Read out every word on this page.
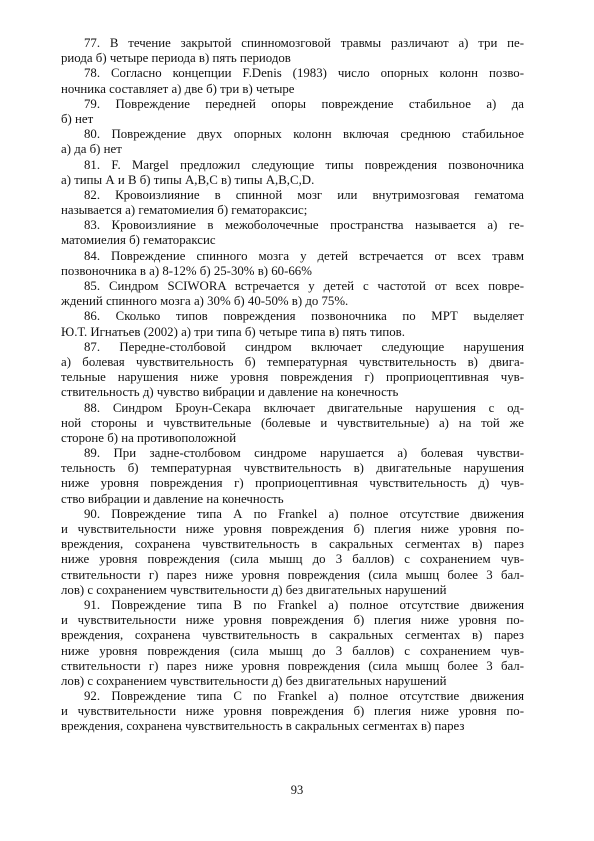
77. В течение закрытой спинномозговой травмы различают а) три пе-
риода б) четыре периода в) пять периодов

78. Согласно концепции F.Denis (1983) число опорных колонн позво-
ночника составляет а) две б) три в) четыре

79. Повреждение передней опоры повреждение стабильное а) да
б) нет

80. Повреждение двух опорных колонн включая среднюю стабильное
а) да б) нет

81. F. Margel предложил следующие типы повреждения позвоночника
а) типы А и В б) типы А,В,С в) типы А,В,С,D.

82. Кровоизлияние в спинной мозг или внутримозговая гематома
называется а) гематомиелия б) гематораксис;

83. Кровоизлияние в межоболочечные пространства называется а) ге-
матомиелия б) гематораксис

84. Повреждение спинного мозга у детей встречается от всех травм
позвоночника в а) 8-12% б) 25-30% в) 60-66%

85. Синдром SCIWORA встречается у детей с частотой от всех повре-
ждений спинного мозга а) 30% б) 40-50% в) до 75%.

86. Сколько типов повреждения позвоночника по МРТ выделяет
Ю.Т. Игнатьев (2002) а) три типа б) четыре типа в) пять типов.

87. Передне-столбовой синдром включает следующие нарушения
а) болевая чувствительность б) температурная чувствительность в) двига-
тельные нарушения ниже уровня повреждения г) проприоцептивная чув-
ствительность д) чувство вибрации и давление на конечность

88. Синдром Броун-Секара включает двигательные нарушения с од-
ной стороны и чувствительные (болевые и чувствительные) а) на той же
стороне б) на противоположной

89. При задне-столбовом синдроме нарушается а) болевая чувстви-
тельность б) температурная чувствительность в) двигательные нарушения
ниже уровня повреждения г) проприоцептивная чувствительность д) чув-
ство вибрации и давление на конечность

90. Повреждение типа А по Frankel а) полное отсутствие движения
и чувствительности ниже уровня повреждения б) плегия ниже уровня по-
вреждения, сохранена чувствительность в сакральных сегментах в) парез
ниже уровня повреждения (сила мышц до 3 баллов) с сохранением чув-
ствительности г) парез ниже уровня повреждения (сила мышц более 3 бал-
лов) с сохранением чувствительности д) без двигательных нарушений

91. Повреждение типа В по Frankel а) полное отсутствие движения
и чувствительности ниже уровня повреждения б) плегия ниже уровня по-
вреждения, сохранена чувствительность в сакральных сегментах в) парез
ниже уровня повреждения (сила мышц до 3 баллов) с сохранением чув-
ствительности г) парез ниже уровня повреждения (сила мышц более 3 бал-
лов) с сохранением чувствительности д) без двигательных нарушений

92. Повреждение типа С по Frankel а) полное отсутствие движения
и чувствительности ниже уровня повреждения б) плегия ниже уровня по-
вреждения, сохранена чувствительность в сакральных сегментах в) парез

93
